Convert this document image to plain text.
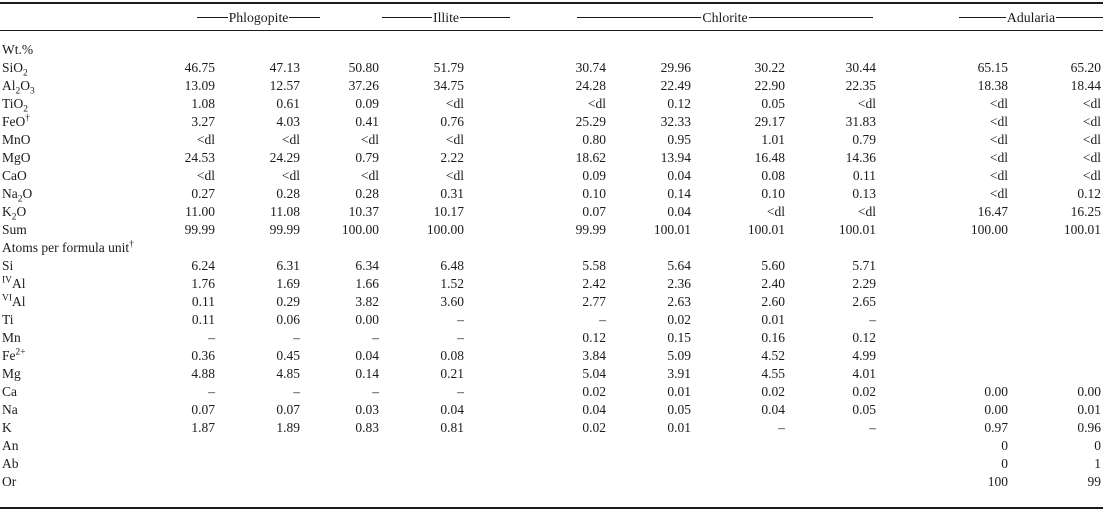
Phlogopite	Illite	Chlorite	Adularia
Wt.%										
SiO$_2$	46.75	47.13	50.80	51.79	30.74	29.96	30.22	30.44	65.15	65.20
$Al_2O_3$	13.09	12.57	37.26	34.75	24.28	22.49	22.90	22.35	18.38	18.44
TiO$_2$	1.08	0.61	0.09	<dl	<dl	0.12	0.05	<dl	<dl	<dl
FeO†	3.27	4.03	0.41	0.76	25.29	32.33	29.17	31.83	<dl	<dl
MnO	<dl	<dl	<dl	<dl	0.80	0.95	1.01	0.79	<dl	<dl
MgO	24.53	24.29	0.79	2.22	18.62	13.94	16.48	14.36	<dl	<dl
CaO	<dl	<dl	<dl	<dl	0.09	0.04	0.08	0.11	<dl	<dl
$Na_2O$	0.27	0.28	0.28	0.31	0.10	0.14	0.10	0.13	<dl	0.12
$K_2O$	11.00	11.08	10.37	10.17	0.07	0.04	<dl	<dl	16.47	16.25
Sum	99.99	99.99	100.00	100.00	99.99	100.01	100.01	100.01	100.00	100.01
Atoms per formula unit†										
Si	6.24	6.31	6.34	6.48	5.58	5.64	5.60	5.71		
$^{IV}$Al	1.76	1.69	1.66	1.52	2.42	2.36	2.40	2.29		
$^{VI}$Al	0.11	0.29	3.82	3.60	2.77	2.63	2.60	2.65		
Ti	0.11	0.06	0.00	–	–	0.02	0.01	–		
Mn	–	–	–	–	0.12	0.15	0.16	0.12		
$Fe^{2+}$	0.36	0.45	0.04	0.08	3.84	5.09	4.52	4.99		
Mg	4.88	4.85	0.14	0.21	5.04	3.91	4.55	4.01		
Ca	–	–	–	–	0.02	0.01	0.02	0.02	0.00	0.00
Na	0.07	0.07	0.03	0.04	0.04	0.05	0.04	0.05	0.00	0.01
K	1.87	1.89	0.83	0.81	0.02	0.01	–	–	0.97	0.96
An									0	0
Ab									0	1
Or									100	99
